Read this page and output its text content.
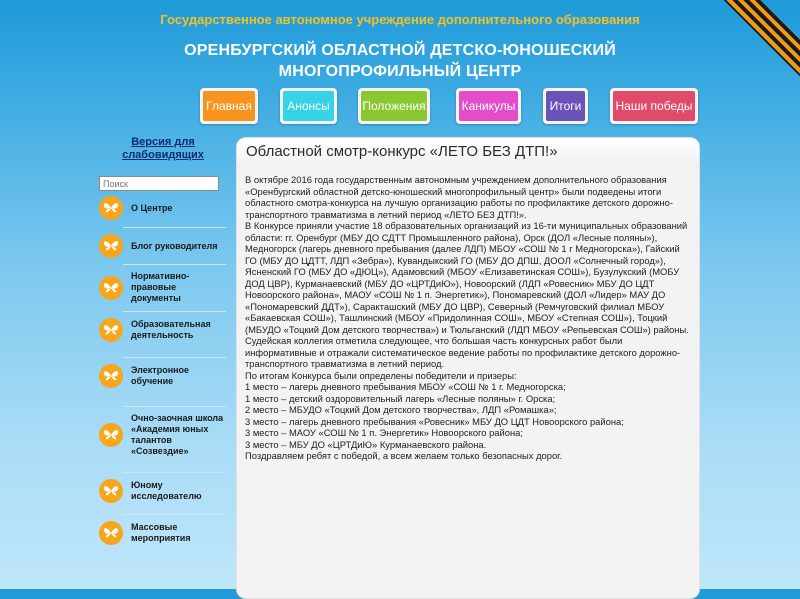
Государственное автономное учреждение дополнительного образования
ОРЕНБУРГСКИЙ ОБЛАСТНОЙ ДЕТСКО-ЮНОШЕСКИЙ
МНОГОПРОФИЛЬНЫЙ ЦЕНТР
Главная	Анонсы	Положения	Каникулы	Итоги	Наши победы
Версия для слабовидящих
Поиск
О Центре
Блог руководителя
Нормативно-правовые документы
Образовательная деятельность
Электронное обучение
Очно-заочная школа «Академия юных талантов «Созвездие»
Юному исследователю
Массовые мероприятия
Областной смотр-конкурс «ЛЕТО БЕЗ ДТП!»

В октябре 2016 года государственным автономным учреждением дополнительного образования «Оренбургский областной детско-юношеский многопрофильный центр» были подведены итоги областного смотра-конкурса на лучшую организацию работы по профилактике детского дорожно-транспортного травматизма в летний период «ЛЕТО БЕЗ ДТП!».

В Конкурсе приняли участие 18 образовательных организаций из 16-ти муниципальных образований области: гг. Оренбург (МБУ ДО СДТТ Промышленного района), Орск (ДОЛ «Лесные поляны»), Медногорск (лагерь дневного пребывания (далее ЛДП) МБОУ «СОШ № 1 г Медногорска»), Гайский ГО (МБУ ДО ЦДТТ, ЛДП «Зебра»), Кувандыкский ГО (МБУ ДО ДПШ, ДООЛ «Солнечный город»), Ясненский ГО (МБУ ДО «ДЮЦ»), Адамовский (МБОУ «Елизаветинская СОШ»), Бузулукский (МОБУ ДОД ЦВР), Курманаевский (МБУ ДО «ЦРТДиЮ»), Новоорский (ЛДП «Ровесник» МБУ ДО ЦДТ Новоорского района», МАОУ «СОШ № 1 п. Энергетик»), Пономаревский (ДОЛ «Лидер» МАУ ДО «Пономаревский ДДТ»), Саракташский (МБУ ДО ЦВР), Северный (Ремчуговский филиал МБОУ «Бакаевская СОШ»), Ташлинский (МБОУ «Придолинная СОШ», МБОУ «Степная СОШ»), Тоцкий (МБУДО «Тоцкий Дом детского творчества») и Тюльганский (ЛДП МБОУ «Репьевская СОШ») районы.

Судейская коллегия отметила следующее, что большая часть конкурсных работ были информативные и отражали систематическое ведение работы по профилактике детского дорожно-транспортного травматизма в летний период.

По итогам Конкурса были определены победители и призеры:

1 место – лагерь дневного пребывания МБОУ «СОШ № 1 г. Медногорска;

1 место – детский оздоровительный лагерь «Лесные поляны» г. Орска;

2 место – МБУДО «Тоцкий Дом детского творчества», ЛДП «Ромашка»;

3 место – лагерь дневного пребывания «Ровесник» МБУ ДО ЦДТ Новоорского района;

3 место – МАОУ «СОШ № 1 п. Энергетик» Новоорского района;

3 место – МБУ ДО «ЦРТДиЮ» Курманаевского района.

Поздравляем ребят с победой, а всем желаем только безопасных дорог.
